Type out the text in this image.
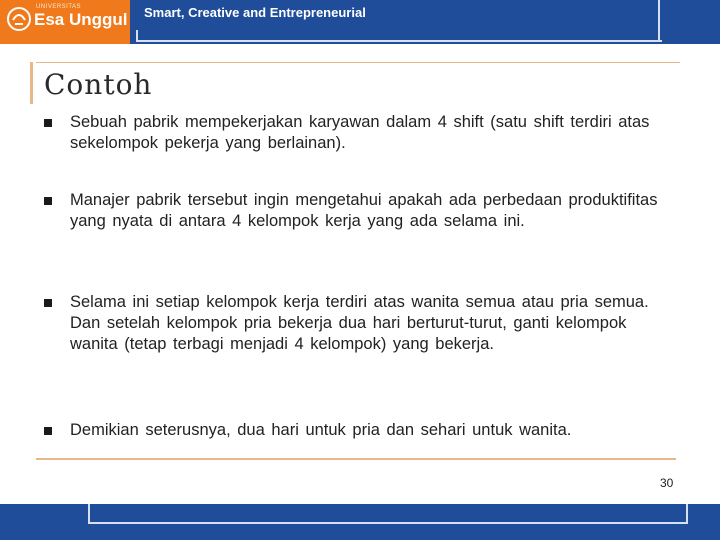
UNIVERSITAS
Esa Unggul Smart, Creative and Entrepreneurial
Contoh
Sebuah pabrik mempekerjakan karyawan dalam 4 shift (satu shift terdiri atas sekelompok pekerja yang berlainan).
Manajer pabrik tersebut ingin mengetahui apakah ada perbedaan produktifitas yang nyata di antara 4 kelompok kerja yang ada selama ini.
Selama ini setiap kelompok kerja terdiri atas wanita semua atau pria semua. Dan setelah kelompok pria bekerja dua hari berturut-turut, ganti kelompok wanita (tetap terbagi menjadi 4 kelompok) yang bekerja.
Demikian seterusnya, dua hari untuk pria dan sehari untuk wanita.
30
